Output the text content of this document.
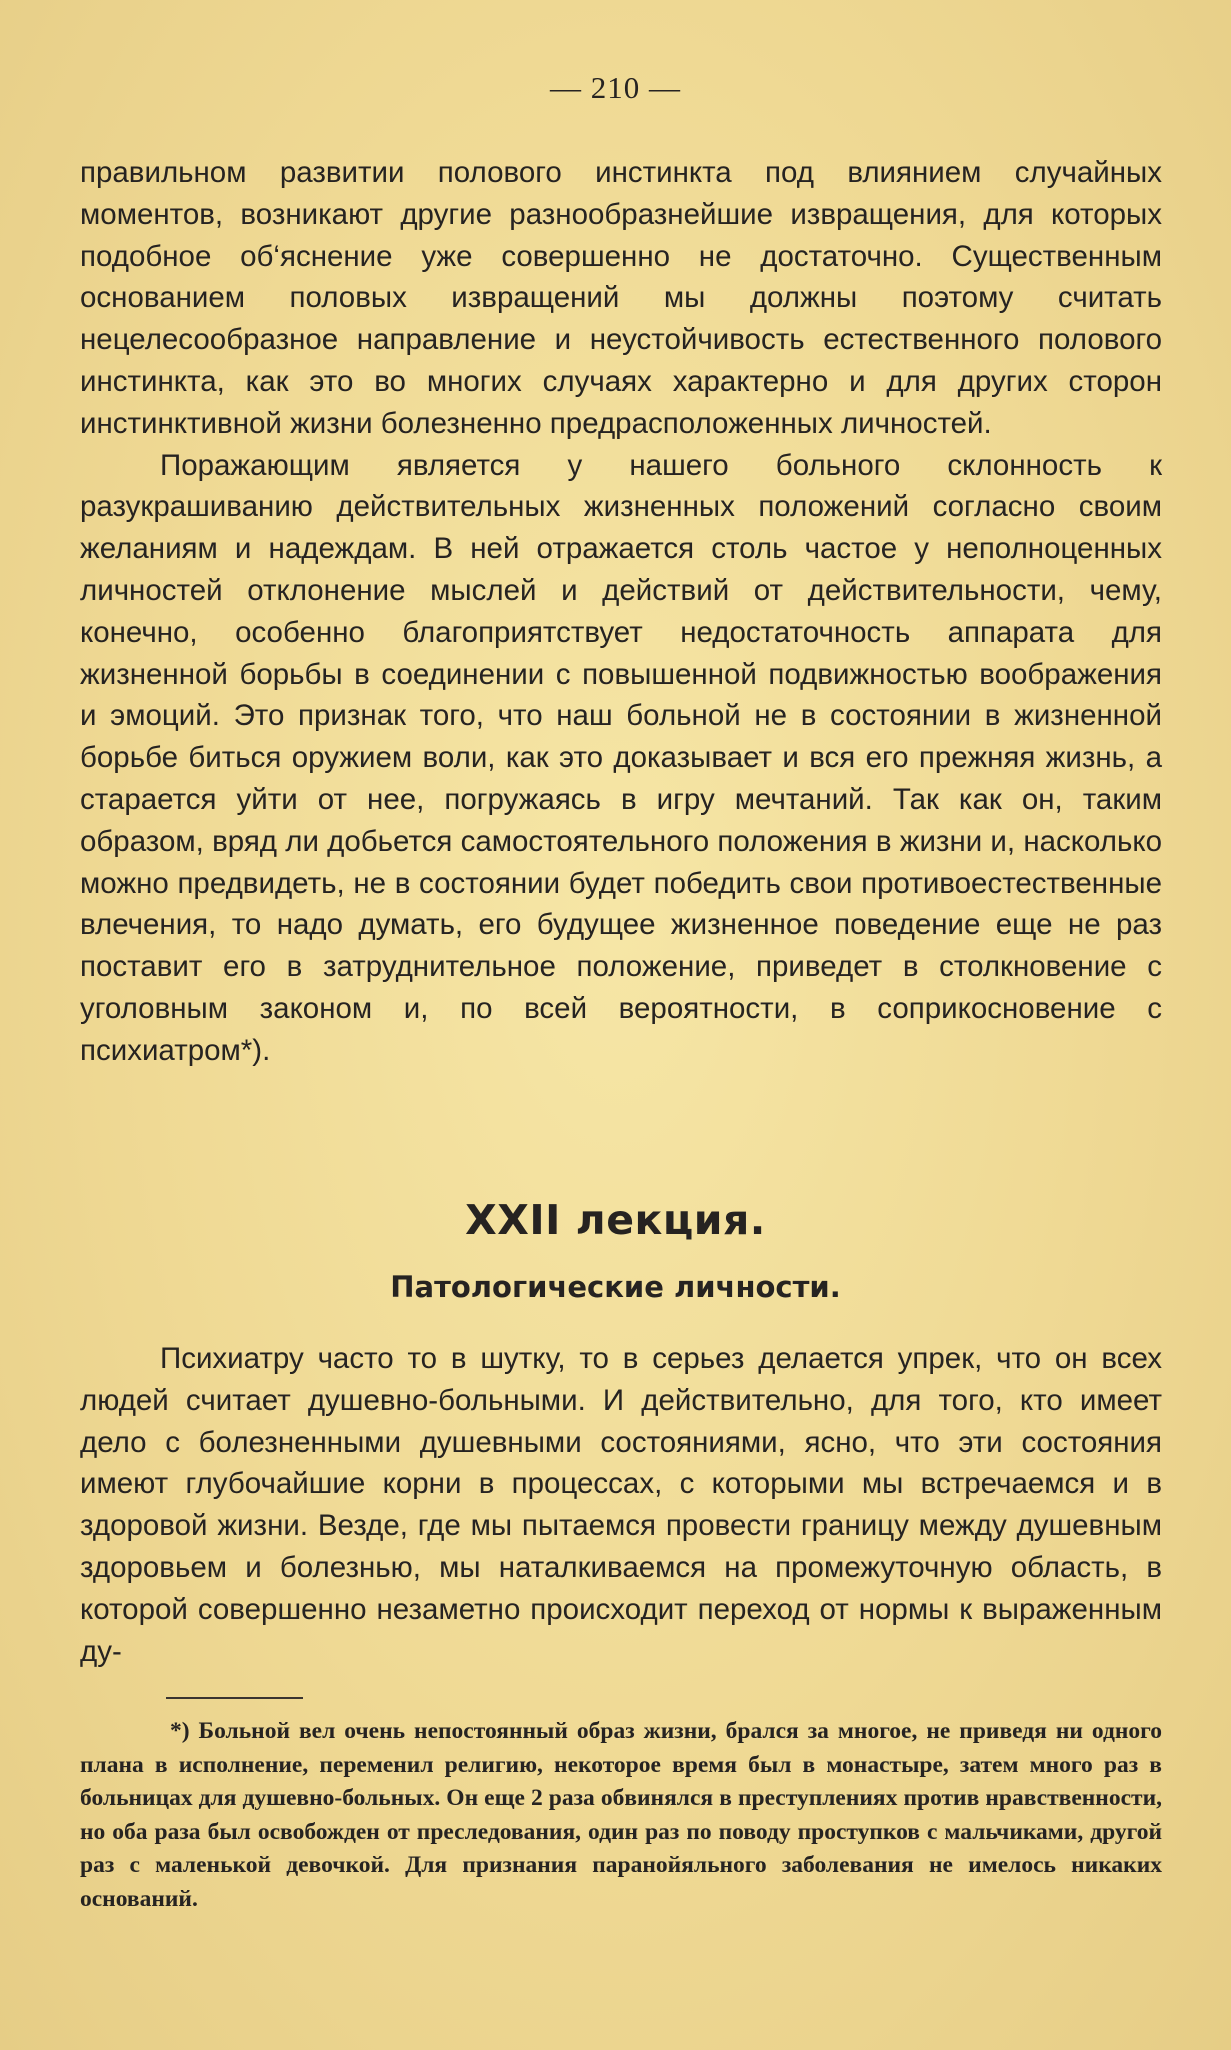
— 210 —

правильном развитии полового инстинкта под влиянием случайных моментов, возникают другие разнообразнейшие извращения, для которых подобное об‘яснение уже совершенно не достаточно. Существенным основанием половых извращений мы должны поэтому считать нецелесообразное направление и неустойчивость естественного полового инстинкта, как это во многих случаях характерно и для других сторон инстинктивной жизни болезненно предрасположенных личностей.

Поражающим является у нашего больного склонность к разукрашиванию действительных жизненных положений согласно своим желаниям и надеждам. В ней отражается столь частое у неполноценных личностей отклонение мыслей и действий от действительности, чему, конечно, особенно благоприятствует недостаточность аппарата для жизненной борьбы в соединении с повышенной подвижностью воображения и эмоций. Это признак того, что наш больной не в состоянии в жизненной борьбе биться оружием воли, как это доказывает и вся его прежняя жизнь, а старается уйти от нее, погружаясь в игру мечтаний. Так как он, таким образом, вряд ли добьется самостоятельного положения в жизни и, насколько можно предвидеть, не в состоянии будет победить свои противоестественные влечения, то надо думать, его будущее жизненное поведение еще не раз поставит его в затруднительное положение, приведет в столкновение с уголовным законом и, по всей вероятности, в соприкосновение с психиатром*).

XXII лекция.
Патологические личности.

Психиатру часто то в шутку, то в серьез делается упрек, что он всех людей считает душевно-больными. И действительно, для того, кто имеет дело с болезненными душевными состояниями, ясно, что эти состояния имеют глубочайшие корни в процессах, с которыми мы встречаемся и в здоровой жизни. Везде, где мы пытаемся провести границу между душевным здоровьем и болезнью, мы наталкиваемся на промежуточную область, в которой совершенно незаметно происходит переход от нормы к выраженным ду-

*) Больной вел очень непостоянный образ жизни, брался за многое, не приведя ни одного плана в исполнение, переменил религию, некоторое время был в монастыре, затем много раз в больницах для душевно-больных. Он еще 2 раза обвинялся в преступлениях против нравственности, но оба раза был освобожден от преследования, один раз по поводу проступков с мальчиками, другой раз с маленькой девочкой. Для признания паранойяльного заболевания не имелось никаких оснований.
